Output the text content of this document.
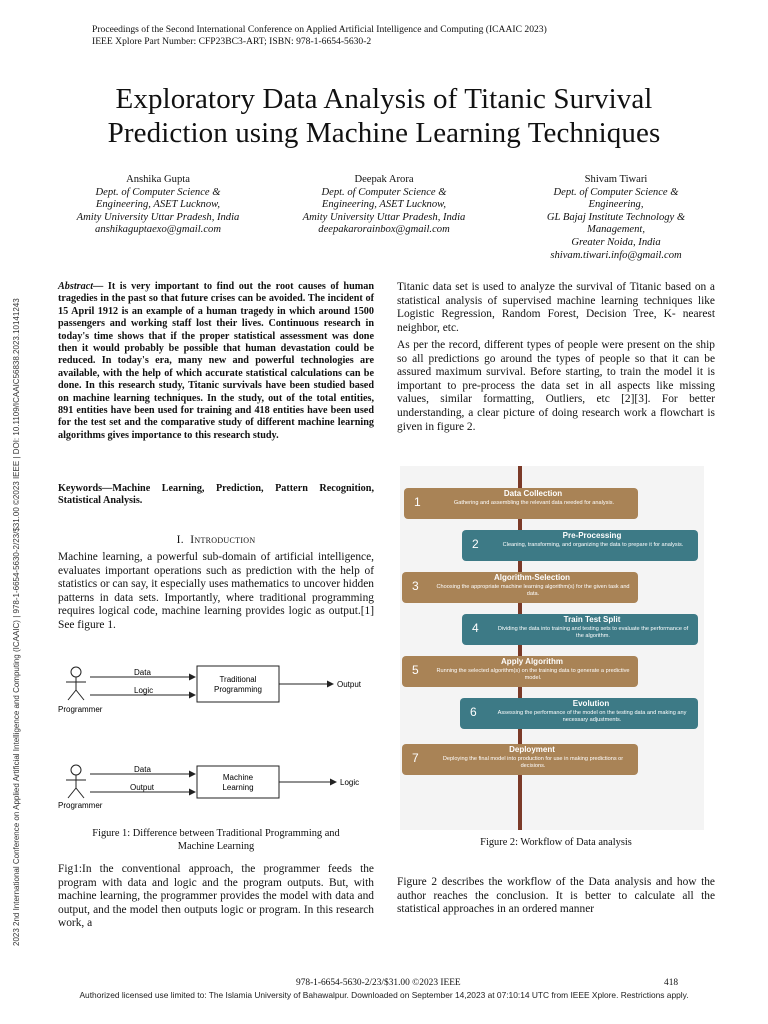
Proceedings of the Second International Conference on Applied Artificial Intelligence and Computing (ICAAIC 2023)
IEEE Xplore Part Number: CFP23BC3-ART; ISBN: 978-1-6654-5630-2
Exploratory Data Analysis of Titanic Survival
Prediction using Machine Learning Techniques
Anshika Gupta
Dept. of Computer Science &
Engineering, ASET Lucknow,
Amity University Uttar Pradesh, India
anshikaguptaexo@gmail.com
Deepak Arora
Dept. of Computer Science &
Engineering, ASET Lucknow,
Amity University Uttar Pradesh, India
deepakarorainbox@gmail.com
Shivam Tiwari
Dept. of Computer Science &
Engineering,
GL Bajaj Institute Technology &
Management,
Greater Noida, India
shivam.tiwari.info@gmail.com
2023 2nd International Conference on Applied Artificial Intelligence and Computing (ICAAIC) | 978-1-6654-5630-2/23/$31.00 ©2023 IEEE | DOI: 10.1109/ICAAIC56838.2023.10141243
Abstract— It is very important to find out the root causes of human tragedies in the past so that future crises can be avoided. The incident of 15 April 1912 is an example of a human tragedy in which around 1500 passengers and working staff lost their lives. Continuous research in today's time shows that if the proper statistical assessment was done then it would probably be possible that human devastation could be reduced. In today's era, many new and powerful technologies are available, with the help of which accurate statistical calculations can be done. In this research study, Titanic survivals have been studied based on machine learning techniques. In the study, out of the total entities, 891 entities have been used for training and 418 entities have been used for the test set and the comparative study of different machine learning algorithms gives importance to this research study.
Keywords—Machine Learning, Prediction, Pattern Recognition, Statistical Analysis.
I. Introduction
Machine learning, a powerful sub-domain of artificial intelligence, evaluates important operations such as prediction with the help of statistics or can say, it especially uses mathematics to uncover hidden patterns in data sets. Importantly, where traditional programming requires logical code, machine learning provides logic as output.[1] See figure 1.
Programmer
Data
Logic
Traditional
Programming
Output
Programmer
Data
Output
Machine
Learning
Logic
Figure 1: Difference between Traditional Programming and
Machine Learning
Fig1:In the conventional approach, the programmer feeds the program with data and logic and the program outputs. But, with machine learning, the programmer provides the model with data and output, and the model then outputs logic or program. In this research work, a
Titanic data set is used to analyze the survival of Titanic based on a statistical analysis of supervised machine learning techniques like Logistic Regression, Random Forest, Decision Tree, K- nearest neighbor, etc.
As per the record, different types of people were present on the ship so all predictions go around the types of people so that it can be assured maximum survival. Before starting, to train the model it is important to pre-process the data set in all aspects like missing values, similar formatting, Outliers, etc [2][3]. For better understanding, a clear picture of doing research work a flowchart is given in figure 2.
1
Data Collection
Gathering and assembling the relevant data needed for analysis.
2
Pre-Processing
Cleaning, transforming, and organizing the data to prepare it for analysis.
3
Algorithm-Selection
Choosing the appropriate machine learning algorithm(s) for the given task and data.
4
Train Test Split
Dividing the data into training and testing sets to evaluate the performance of the algorithm.
5
Apply Algorithm
Running the selected algorithm(s) on the training data to generate a predictive model.
6
Evolution
Assessing the performance of the model on the testing data and making any necessary adjustments.
7
Deployment
Deploying the final model into production for use in making predictions or decisions.
Figure 2: Workflow of Data analysis
Figure 2 describes the workflow of the Data analysis and how the author reaches the conclusion. It is better to calculate all the statistical approaches in an ordered manner
978-1-6654-5630-2/23/$31.00 ©2023 IEEE	418
Authorized licensed use limited to: The Islamia University of Bahawalpur. Downloaded on September 14,2023 at 07:10:14 UTC from IEEE Xplore. Restrictions apply.
